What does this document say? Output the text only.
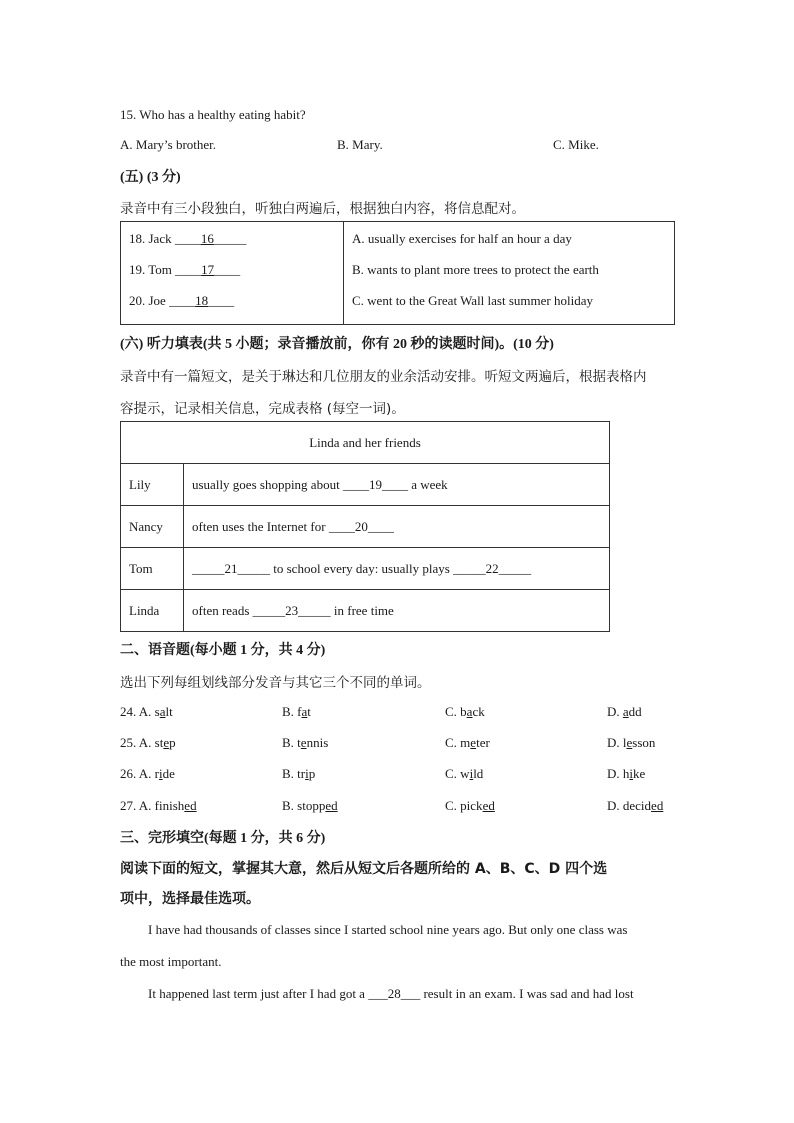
15. Who has a healthy eating habit?
A. Mary’s brother.	B. Mary.	C. Mike.
(五) (3 分)
录音中有三小段独白，听独白两遍后，根据独白内容，将信息配对。
18. Jack ____16_____
19. Tom ____17____
20. Joe ____18____

A. usually exercises for half an hour a day
B. wants to plant more trees to protect the earth
C. went to the Great Wall last summer holiday
(六) 听力填表(共 5 小题；录音播放前，你有 20 秒的读题时间)。(10 分)
录音中有一篇短文，是关于琳达和几位朋友的业余活动安排。听短文两遍后，根据表格内
容提示，记录相关信息，完成表格 (每空一词)。
Linda and her friends	
Lily	usually goes shopping about ____19____ a week
Nancy	often uses the Internet for ____20____
Tom	_____21_____ to school every day: usually plays _____22_____
Linda	often reads _____23_____ in free time
二、语音题(每小题 1 分，共 4 分)
选出下列每组划线部分发音与其它三个不同的单词。
24. A. salt	B. fat	C. back	D. add
25. A. step	B. tennis	C. meter	D. lesson
26. A. ride	B. trip	C. wild	D. hike
27. A. finished	B. stopped	C. picked	D. decided
三、完形填空(每题 1 分，共 6 分)
阅读下面的短文，掌握其大意，然后从短文后各题所给的 A、B、C、D 四个选
项中，选择最佳选项。
I have had thousands of classes since I started school nine years ago. But only one class was
the most important.
It happened last term just after I had got a ___28___ result in an exam. I was sad and had lost
